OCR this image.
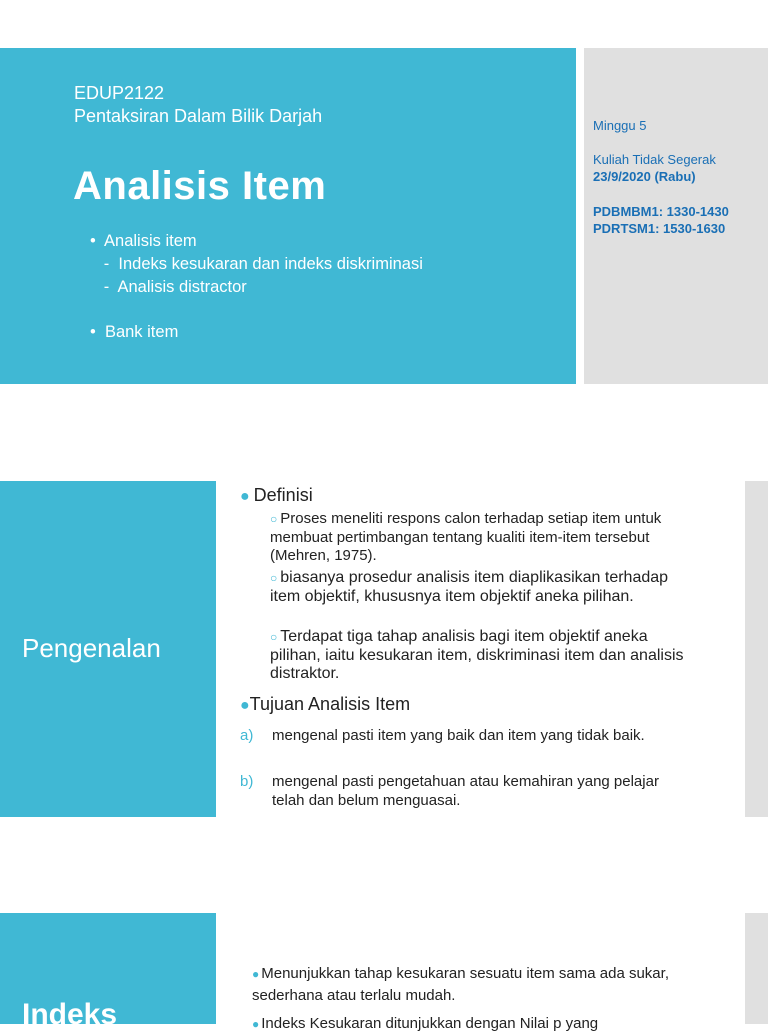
EDUP2122
Pentaksiran Dalam Bilik Darjah
Analisis Item
•  Analisis item
-  Indeks kesukaran dan indeks diskriminasi
-  Analisis distractor
•  Bank item
Minggu 5
Kuliah Tidak Segerak
23/9/2020 (Rabu)
PDBMBM1: 1330-1430
PDRTSM1: 1530-1630
Pengenalan
● Definisi
○ Proses meneliti respons calon terhadap setiap item untuk membuat pertimbangan tentang kualiti item-item tersebut (Mehren, 1975).
○ biasanya prosedur analisis item diaplikasikan terhadap item objektif, khususnya item objektif aneka pilihan.
○ Terdapat tiga tahap analisis bagi item objektif aneka pilihan, iaitu kesukaran item, diskriminasi item dan analisis distraktor.
●Tujuan Analisis Item
a) mengenal pasti item yang baik dan item yang tidak baik.
b) mengenal pasti pengetahuan atau kemahiran yang pelajar telah dan belum menguasai.
Indeks
● Menunjukkan tahap kesukaran sesuatu item sama ada sukar, sederhana atau terlalu mudah.
● Indeks Kesukaran ditunjukkan dengan Nilai p yang
